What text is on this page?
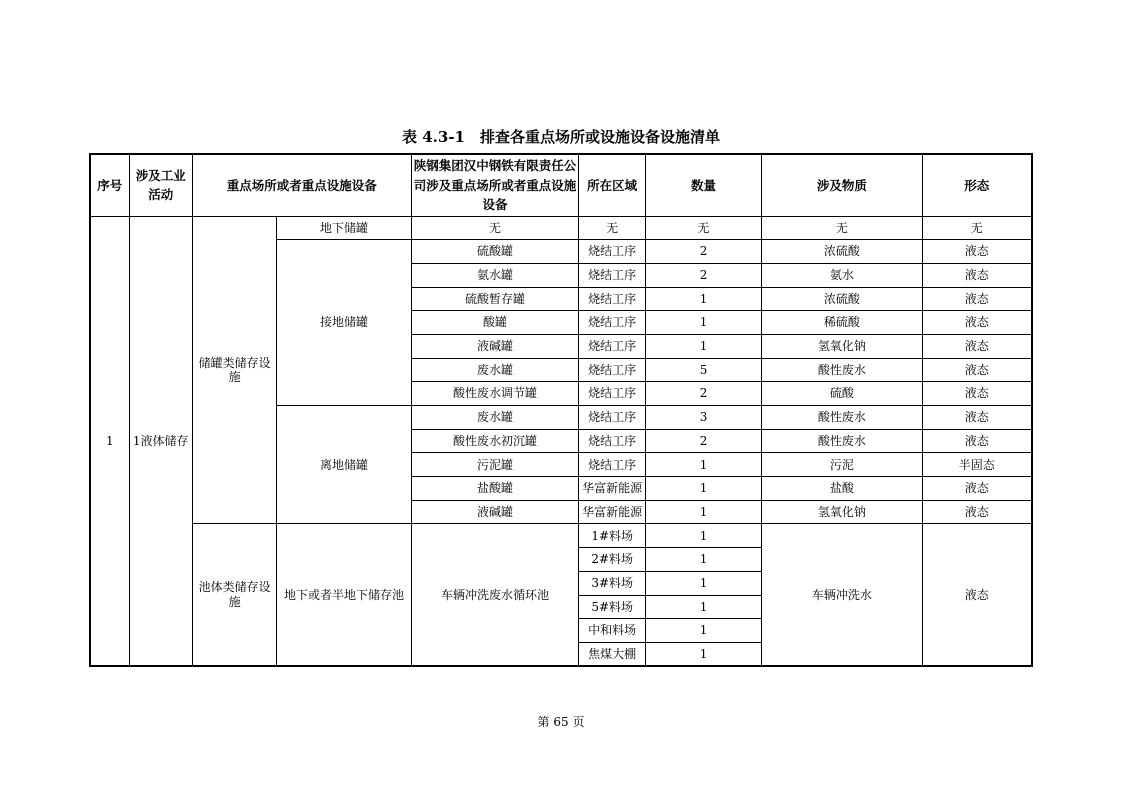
表 4.3-1　排查各重点场所或设施设备设施清单
序号	涉及工业活动	重点场所或者重点设施设备		陕钢集团汉中钢铁有限责任公司涉及重点场所或者重点设施设备	所在区域	数量	涉及物质	形态
1	1液体储存	储罐类储存设施	地下储罐	无	无	无	无	无
			接地储罐	硫酸罐	烧结工序	2	浓硫酸	液态
				氨水罐	烧结工序	2	氨水	液态
				硫酸暂存罐	烧结工序	1	浓硫酸	液态
				酸罐	烧结工序	1	稀硫酸	液态
				液碱罐	烧结工序	1	氢氧化钠	液态
				废水罐	烧结工序	5	酸性废水	液态
				酸性废水调节罐	烧结工序	2	硫酸	液态
			离地储罐	废水罐	烧结工序	3	酸性废水	液态
				酸性废水初沉罐	烧结工序	2	酸性废水	液态
				污泥罐	烧结工序	1	污泥	半固态
				盐酸罐	华富新能源	1	盐酸	液态
				液碱罐	华富新能源	1	氢氧化钠	液态
		池体类储存设施	地下或者半地下储存池	车辆冲洗废水循环池	1#料场	1	车辆冲洗水	液态
					2#料场	1		
					3#料场	1		
					5#料场	1		
					中和料场	1		
					焦煤大棚	1		
第 65 页
